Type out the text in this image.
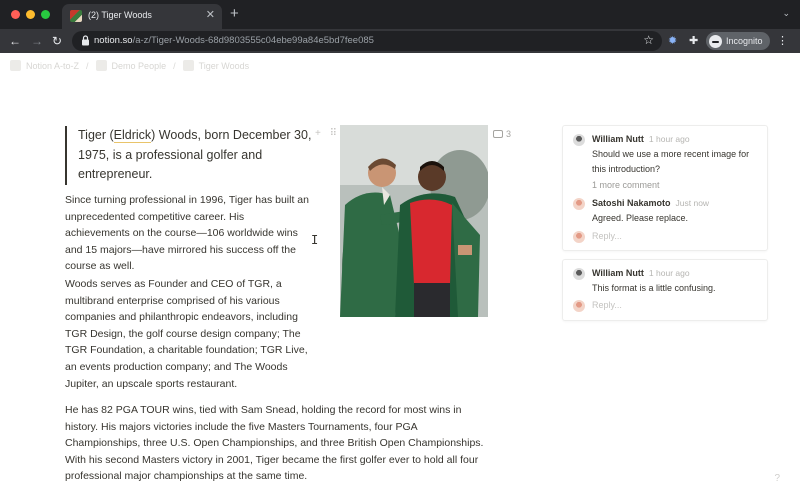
(2) Tiger Woods	✕ +	⌄
← → ↻	notion.so/a-z/Tiger-Woods-68d9803555c04ebe99a84e5bd7fee085	☆ ✹ ✚	Incognito ⋮
Notion A-to-Z /	Demo People /	Tiger Woods
Tiger (Eldrick) Woods, born December 30, 1975, is a professional golfer and entrepreneur.
+ ⠿

Since turning professional in 1996, Tiger has built an unprecedented competitive career. His achievements on the course—106 worldwide wins and 15 majors—have mirrored his success off the course as well.

Woods serves as Founder and CEO of TGR, a multibrand enterprise comprised of his various companies and philanthropic endeavors, including TGR Design, the golf course design company; The TGR Foundation, a charitable foundation; TGR Live, an events production company; and The Woods Jupiter, an upscale sports restaurant.

He has 82 PGA TOUR wins, tied with Sam Snead, holding the record for most wins in history. His majors victories include the five Masters Tournaments, four PGA Championships, three U.S. Open Championships, and three British Open Championships. With his second Masters victory in 2001, Tiger became the first golfer ever to hold all four professional major championships at the same time.

I
3	William Nutt 1 hour ago
Should we use a more recent image for this introduction?
1 more comment
Satoshi Nakamoto Just now
Agreed. Please replace.
Reply...
William Nutt 1 hour ago
This format is a little confusing.
Reply...
?
